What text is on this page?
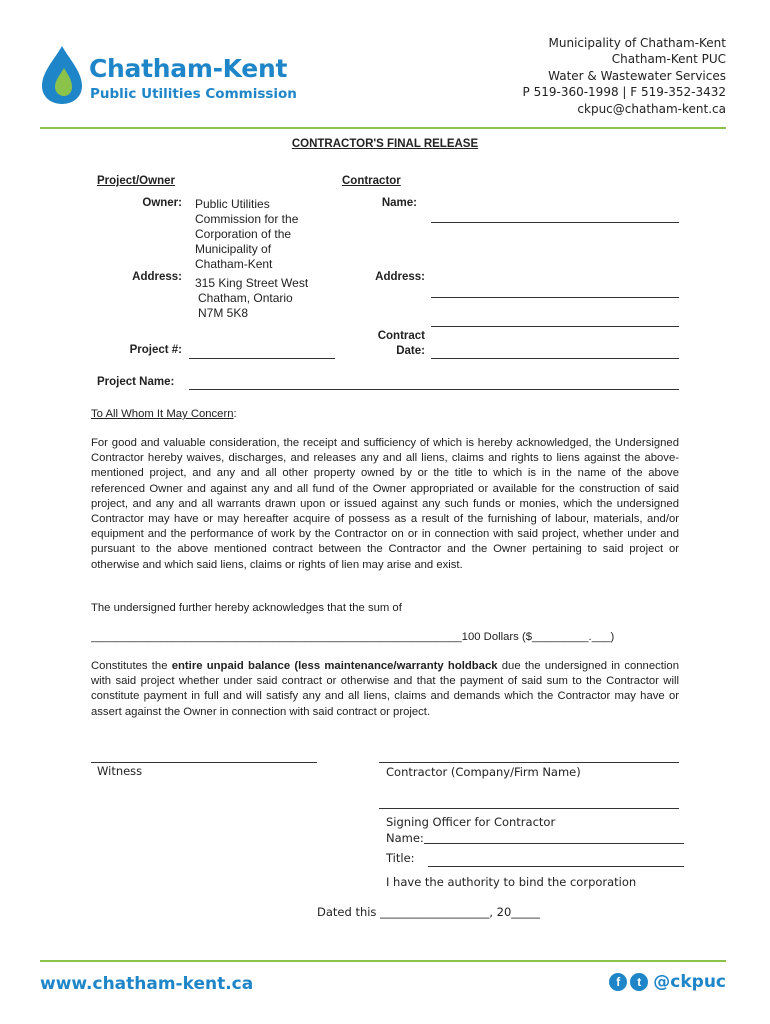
Chatham-Kent
Public Utilities Commission
Municipality of Chatham-Kent
Chatham-Kent PUC
Water & Wastewater Services
P 519-360-1998 | F 519-352-3432
ckpuc@chatham-kent.ca
CONTRACTOR'S FINAL RELEASE
Project/Owner	Contractor
Owner: Public Utilities
Commission for the
Corporation of the
Municipality of
Chatham-Kent
Address: 315 King Street West
Chatham, Ontario
N7M 5K8
Name:
Address:
Contract
Date:
Project #:
Project Name:
To All Whom It May Concern:
For good and valuable consideration, the receipt and sufficiency of which is hereby acknowledged, the Undersigned Contractor hereby waives, discharges, and releases any and all liens, claims and rights to liens against the above-mentioned project, and any and all other property owned by or the title to which is in the name of the above referenced Owner and against any and all fund of the Owner appropriated or available for the construction of said project, and any and all warrants drawn upon or issued against any such funds or monies, which the undersigned Contractor may have or may hereafter acquire of possess as a result of the furnishing of labour, materials, and/or equipment and the performance of work by the Contractor on or in connection with said project, whether under and pursuant to the above mentioned contract between the Contractor and the Owner pertaining to said project or otherwise and which said liens, claims or rights of lien may arise and exist.
The undersigned further hereby acknowledges that the sum of
___________________________________________________________100 Dollars ($_________.___)
Constitutes the entire unpaid balance (less maintenance/warranty holdback due the undersigned in connection with said project whether under said contract or otherwise and that the payment of said sum to the Contractor will constitute payment in full and will satisfy any and all liens, claims and demands which the Contractor may have or assert against the Owner in connection with said contract or project.
Witness	Contractor (Company/Firm Name)
Signing Officer for Contractor
Name:
Title:
I have the authority to bind the corporation
Dated this ___________________, 20_____
www.chatham-kent.ca	f	t @ckpuc
